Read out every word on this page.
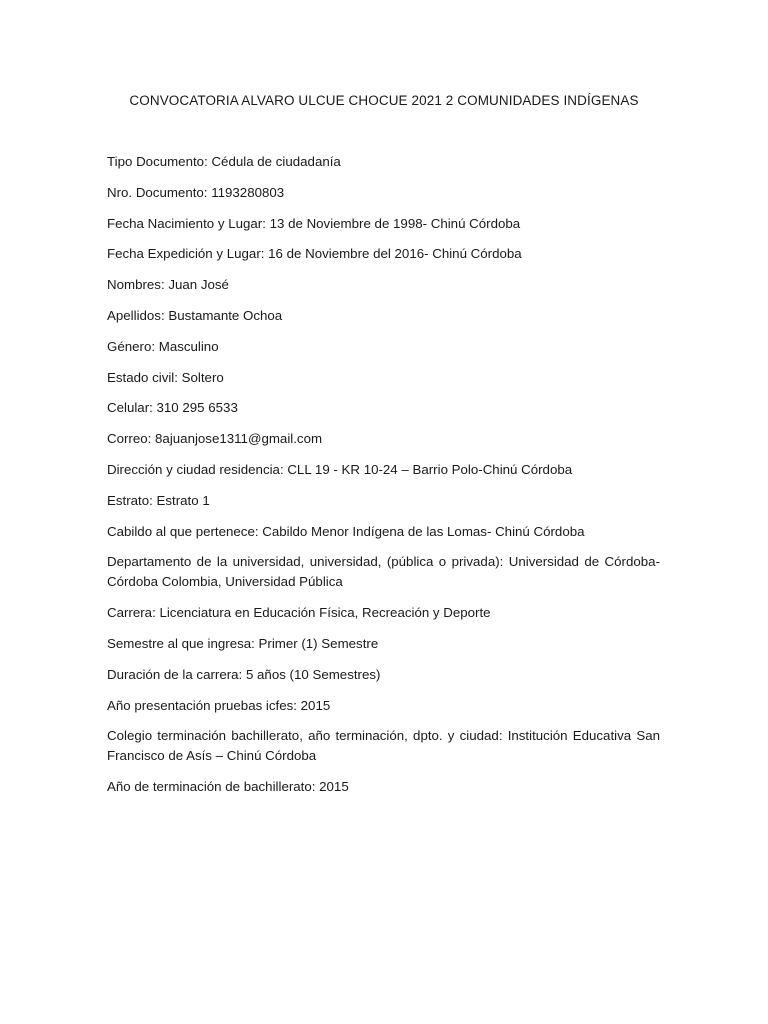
CONVOCATORIA ALVARO ULCUE CHOCUE 2021 2 COMUNIDADES INDÍGENAS
Tipo Documento: Cédula de ciudadanía
Nro. Documento: 1193280803
Fecha Nacimiento y Lugar: 13 de Noviembre de 1998- Chinú Córdoba
Fecha Expedición y Lugar: 16 de Noviembre del 2016- Chinú Córdoba
Nombres: Juan José
Apellidos: Bustamante Ochoa
Género: Masculino
Estado civil: Soltero
Celular: 310 295 6533
Correo: 8ajuanjose1311@gmail.com
Dirección y ciudad residencia: CLL 19 - KR 10-24 – Barrio Polo-Chinú Córdoba
Estrato: Estrato 1
Cabildo al que pertenece: Cabildo Menor Indígena de las Lomas- Chinú Córdoba
Departamento de la universidad, universidad, (pública o privada): Universidad de Córdoba- Córdoba Colombia, Universidad Pública
Carrera: Licenciatura en Educación Física, Recreación y Deporte
Semestre al que ingresa: Primer (1) Semestre
Duración de la carrera: 5 años (10 Semestres)
Año presentación pruebas icfes: 2015
Colegio terminación bachillerato, año terminación, dpto. y ciudad: Institución Educativa San Francisco de Asís – Chinú Córdoba
Año de terminación de bachillerato: 2015
